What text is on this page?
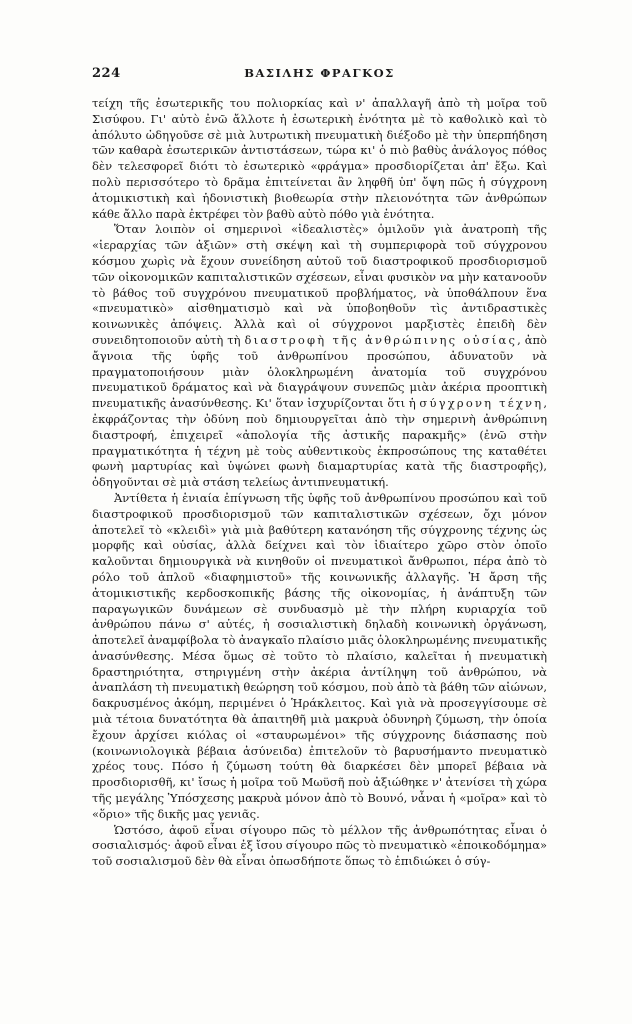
224	ΒΑΣΙΛΗΣ ΦΡΑΓΚΟΣ

τείχη τῆς ἐσωτερικῆς του πολιορκίας καὶ ν' ἀπαλλαγῆ ἀπὸ τὴ μοῖρα τοῦ Σισύφου. Γι' αὐτὸ ἐνῶ ἄλλοτε ἡ ἐσωτερικὴ ἑνότητα μὲ τὸ καθολικὸ καὶ τὸ ἀπόλυτο ὡδηγοῦσε σὲ μιὰ λυτρωτικὴ πνευματικὴ διέξοδο μὲ τὴν ὑπερπήδηση τῶν καθαρὰ ἐσωτερικῶν ἀντιστάσεων, τώρα κι' ὁ πιὸ βαθὺς ἀνάλογος πόθος δὲν τελεσφορεῖ διότι τὸ ἐσωτερικὸ «φράγμα» προσδιορίζεται ἀπ' ἔξω. Καὶ πολὺ περισσότερο τὸ δρᾶμα ἐπιτείνεται ἂν ληφθῆ ὑπ' ὄψη πῶς ἡ σύγχρονη ἀτομικιστικὴ καὶ ἡδονιστικὴ βιοθεωρία στὴν πλειονότητα τῶν ἀνθρώπων κάθε ἄλλο παρὰ ἐκτρέφει τὸν βαθὺ αὐτὸ πόθο γιὰ ἑνότητα.

Ὅταν λοιπὸν οἱ σημερινοὶ «ἰδεαλιστὲς» ὁμιλοῦν γιὰ ἀνατροπὴ τῆς «ἱεραρχίας τῶν ἀξιῶν» στὴ σκέψη καὶ τὴ συμπεριφορὰ τοῦ σύγχρονου κόσμου χωρὶς νὰ ἔχουν συνείδηση αὐτοῦ τοῦ διαστροφικοῦ προσδιορισμοῦ τῶν οἰκονομικῶν καπιταλιστικῶν σχέσεων, εἶναι φυσικὸν να μὴν κατανοοῦν τὸ βάθος τοῦ συγχρόνου πνευματικοῦ προβλήματος, νὰ ὑποθάλπουν ἕνα «πνευματικὸ» αἰσθηματισμὸ καὶ νὰ ὑποβοηθοῦν τὶς ἀντιδραστικὲς κοινωνικὲς ἀπόψεις. Ἀλλὰ καὶ οἱ σύγχρονοι μαρξιστὲς ἐπειδὴ δὲν συνειδητοποιοῦν αὐτὴ τὴ διαστροφὴ τῆς ἀνθρώπινης οὐσίας, ἀπὸ ἄγνοια τῆς ὑφῆς τοῦ ἀνθρωπίνου προσώπου, ἀδυνατοῦν νὰ πραγματοποιήσουν μιὰν ὁλοκληρωμένη ἀνατομία τοῦ συγχρόνου πνευματικοῦ δράματος καὶ νὰ διαγράψουν συνεπῶς μιὰν ἀκέρια προοπτικὴ πνευματικῆς ἀνασύνθεσης. Κι' ὅταν ἰσχυρίζονται ὅτι ἡ σύγχρονη τέχνη, ἐκφράζοντας τὴν ὀδύνη ποὺ δημιουργεῖται ἀπὸ τὴν σημερινὴ ἀνθρώπινη διαστροφή, ἐπιχειρεῖ «ἀπολογία τῆς ἀστικῆς παρακμῆς» (ἐνῶ στὴν πραγματικότητα ἡ τέχνη μὲ τοὺς αὐθεντικοὺς ἐκπροσώπους της καταθέτει φωνὴ μαρτυρίας καὶ ὑψώνει φωνὴ διαμαρτυρίας κατὰ τῆς διαστροφῆς), ὁδηγοῦνται σὲ μιὰ στάση τελείως ἀντιπνευματική.

Ἀντίθετα ἡ ἑνιαία ἐπίγνωση τῆς ὑφῆς τοῦ ἀνθρωπίνου προσώπου καὶ τοῦ διαστροφικοῦ προσδιορισμοῦ τῶν καπιταλιστικῶν σχέσεων, ὄχι μόνον ἀποτελεῖ τὸ «κλειδὶ» γιὰ μιὰ βαθύτερη κατανόηση τῆς σύγχρονης τέχνης ὡς μορφῆς καὶ οὐσίας, ἀλλὰ δείχνει καὶ τὸν ἰδιαίτερο χῶρο στὸν ὁποῖο καλοῦνται δημιουργικὰ νὰ κινηθοῦν οἱ πνευματικοὶ ἄνθρωποι, πέρα ἀπὸ τὸ ρόλο τοῦ ἁπλοῦ «διαφημιστοῦ» τῆς κοινωνικῆς ἀλλαγῆς. Ἡ ἄρση τῆς ἀτομικιστικῆς κερδοσκοπικῆς βάσης τῆς οἰκονομίας, ἡ ἀνάπτυξη τῶν παραγωγικῶν δυνάμεων σὲ συνδυασμὸ μὲ τὴν πλήρη κυριαρχία τοῦ ἀνθρώπου πάνω σ' αὐτές, ἡ σοσιαλιστικὴ δηλαδὴ κοινωνικὴ ὀργάνωση, ἀποτελεῖ ἀναμφίβολα τὸ ἀναγκαῖο πλαίσιο μιᾶς ὁλοκληρωμένης πνευματικῆς ἀνασύνθεσης. Μέσα ὅμως σὲ τοῦτο τὸ πλαίσιο, καλεῖται ἡ πνευματικὴ δραστηριότητα, στηριγμένη στὴν ἀκέρια ἀντίληψη τοῦ ἀνθρώπου, νὰ ἀναπλάση τὴ πνευματικὴ θεώρηση τοῦ κόσμου, ποὺ ἀπὸ τὰ βάθη τῶν αἰώνων, δακρυσμένος ἀκόμη, περιμένει ὁ Ἡράκλειτος. Καὶ γιὰ νὰ προσεγγίσουμε σὲ μιὰ τέτοια δυνατότητα θὰ ἀπαιτηθῆ μιὰ μακρυὰ ὀδυνηρὴ ζύμωση, τὴν ὁποία ἔχουν ἀρχίσει κιόλας οἱ «σταυρωμένοι» τῆς σύγχρονης διάσπασης ποὺ (κοινωνιολογικὰ βέβαια ἀσύνειδα) ἐπιτελοῦν τὸ βαρυσήμαντο πνευματικὸ χρέος τους. Πόσο ἡ ζύμωση τούτη θὰ διαρκέσει δὲν μπορεῖ βέβαια νὰ προσδιορισθῆ, κι' ἴσως ἡ μοῖρα τοῦ Μωϋσῆ ποὺ ἀξιώθηκε ν' ἀτενίσει τὴ χώρα τῆς μεγάλης Ὑπόσχεσης μακρυὰ μόνον ἀπὸ τὸ Βουνό, νἆναι ἡ «μοῖρα» καὶ τὸ «ὅριο» τῆς δικῆς μας γενιᾶς.

Ὡστόσο, ἀφοῦ εἶναι σίγουρο πῶς τὸ μέλλον τῆς ἀνθρωπότητας εἶναι ὁ σοσιαλισμός· ἀφοῦ εἶναι ἐξ ἴσου σίγουρο πῶς τὸ πνευματικὸ «ἐποικοδόμημα» τοῦ σοσιαλισμοῦ δὲν θὰ εἶναι ὁπωσδήποτε ὅπως τὸ ἐπιδιώκει ὁ σύγ-
